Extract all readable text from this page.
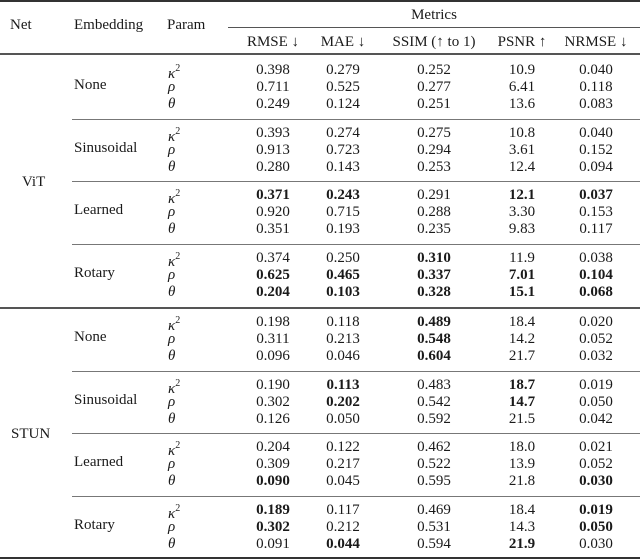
Net	Embedding Param
Metrics
RMSE ↓ MAE ↓ SSIM (↑ to 1) PSNR ↑ NRMSE ↓
ViT
None
$\kappa^2$	0.398 0.279	0.252	10.9	0.040
ρ	0.711 0.525	0.277	6.41	0.118
θ	0.249 0.124	0.251	13.6	0.083
Sinusoidal
$\kappa^2$	0.393 0.274	0.275	10.8	0.040
ρ	0.913 0.723	0.294	3.61	0.152
θ	0.280 0.143	0.253	12.4	0.094
Learned
$\kappa^2$	0.371 0.243	0.291	12.1	0.037
ρ	0.920 0.715	0.288	3.30	0.153
θ	0.351 0.193	0.235	9.83	0.117
Rotary
$\kappa^2$	0.374 0.250	0.310	11.9	0.038
ρ	0.625 0.465	0.337	7.01	0.104
θ	0.204 0.103	0.328	15.1	0.068
STUN
None
$\kappa^2$	0.198 0.118	0.489	18.4	0.020
ρ	0.311 0.213	0.548	14.2	0.052
θ	0.096 0.046	0.604	21.7	0.032
Sinusoidal
$\kappa^2$	0.190 0.113	0.483	18.7	0.019
ρ	0.302 0.202	0.542	14.7	0.050
θ	0.126 0.050	0.592	21.5	0.042
Learned
$\kappa^2$	0.204 0.122	0.462	18.0	0.021
ρ	0.309 0.217	0.522	13.9	0.052
θ	0.090 0.045	0.595	21.8	0.030
Rotary
$\kappa^2$	0.189 0.117	0.469	18.4	0.019
ρ	0.302 0.212	0.531	14.3	0.050
θ	0.091 0.044	0.594	21.9	0.030
